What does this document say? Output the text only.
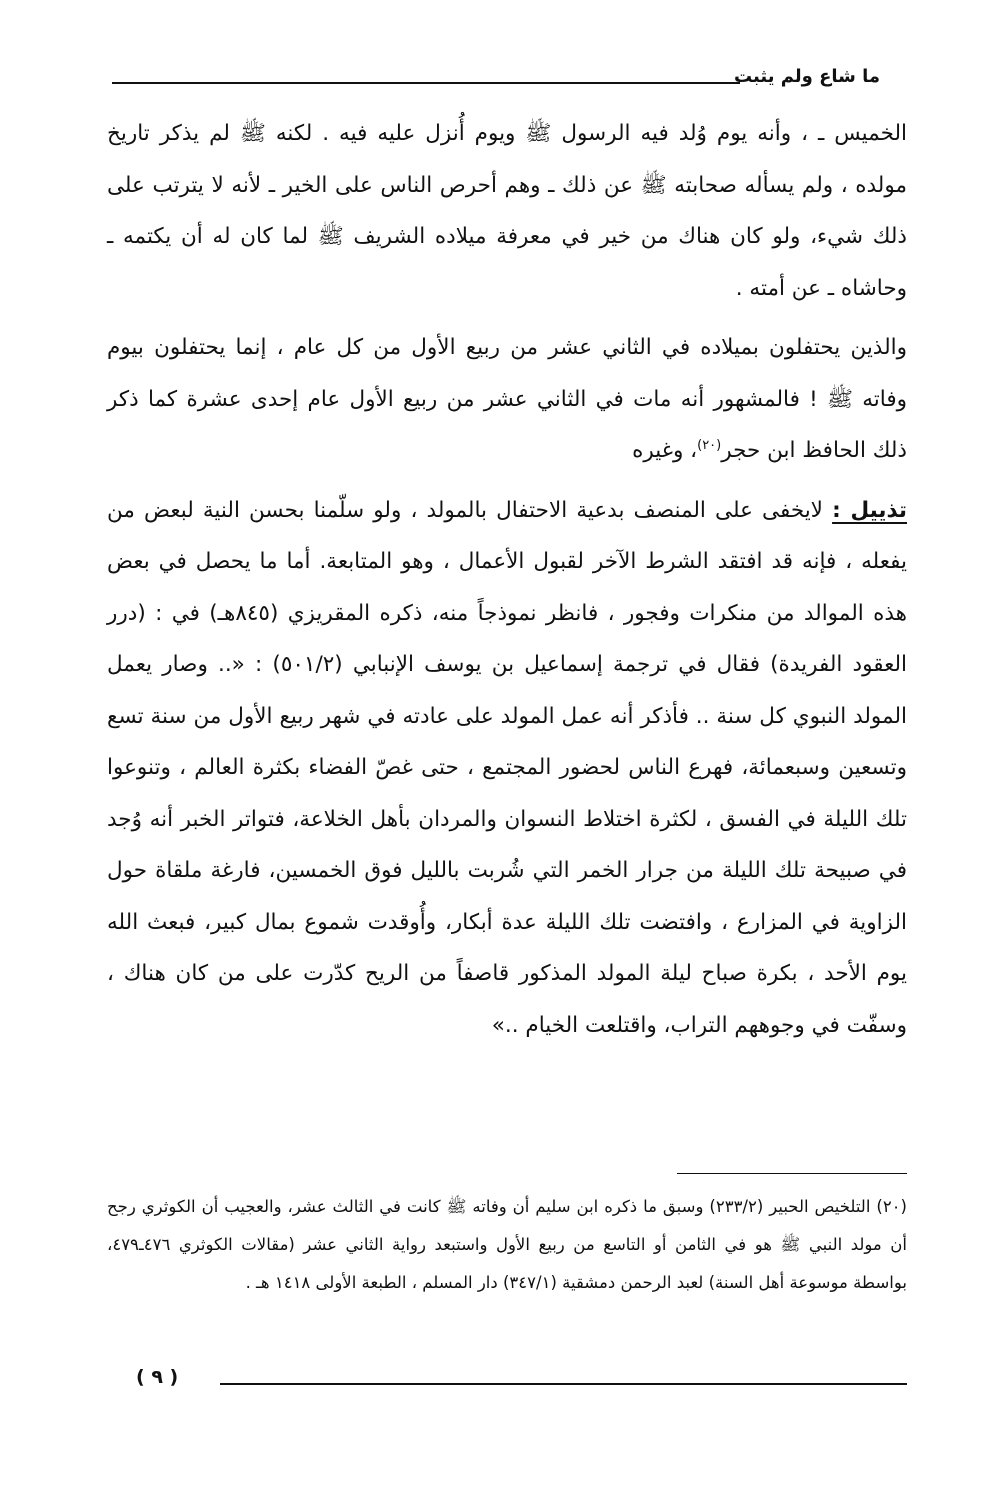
ما شاع ولم يثبت

الخميس ـ ، وأنه يوم وُلد فيه الرسول ﷺ ويوم أُنزل عليه فيه . لكنه ﷺ لم يذكر تاريخ مولده ، ولم يسأله صحابته ﷺ عن ذلك ـ وهم أحرص الناس على الخير ـ لأنه لا يترتب على ذلك شيء، ولو كان هناك من خير في معرفة ميلاده الشريف ﷺ لما كان له أن يكتمه ـ وحاشاه ـ عن أمته .

والذين يحتفلون بميلاده في الثاني عشر من ربيع الأول من كل عام ، إنما يحتفلون بيوم وفاته ﷺ ! فالمشهور أنه مات في الثاني عشر من ربيع الأول عام إحدى عشرة كما ذكر ذلك الحافظ ابن حجر$^{(٢٠)}$، وغيره

تذييل : لايخفى على المنصف بدعية الاحتفال بالمولد ، ولو سلّمنا بحسن النية لبعض من يفعله ، فإنه قد افتقد الشرط الآخر لقبول الأعمال ، وهو المتابعة. أما ما يحصل في بعض هذه الموالد من منكرات وفجور ، فانظر نموذجاً منه، ذكره المقريزي (٨٤٥هـ) في : (درر العقود الفريدة) فقال في ترجمة إسماعيل بن يوسف الإنبابي (٥٠١/٢) : «.. وصار يعمل المولد النبوي كل سنة .. فأذكر أنه عمل المولد على عادته في شهر ربيع الأول من سنة تسع وتسعين وسبعمائة، فهرع الناس لحضور المجتمع ، حتى غصّ الفضاء بكثرة العالم ، وتنوعوا تلك الليلة في الفسق ، لكثرة اختلاط النسوان والمردان بأهل الخلاعة، فتواتر الخبر أنه وُجد في صبيحة تلك الليلة من جرار الخمر التي شُربت بالليل فوق الخمسين، فارغة ملقاة حول الزاوية في المزارع ، وافتضت تلك الليلة عدة أبكار، وأُوقدت شموع بمال كبير، فبعث الله يوم الأحد ، بكرة صباح ليلة المولد المذكور قاصفاً من الريح كدّرت على من كان هناك ، وسفّت في وجوههم التراب، واقتلعت الخيام ..»

(٢٠) التلخيص الحبير (٢٣٣/٢) وسبق ما ذكره ابن سليم أن وفاته ﷺ كانت في الثالث عشر، والعجيب أن الكوثري رجح أن مولد النبي ﷺ هو في الثامن أو التاسع من ربيع الأول واستبعد رواية الثاني عشر (مقالات الكوثري ٤٧٦ـ٤٧٩، بواسطة موسوعة أهل السنة) لعبد الرحمن دمشقية (٣٤٧/١) دار المسلم ، الطبعة الأولى ١٤١٨ هـ .
( ٩ )
